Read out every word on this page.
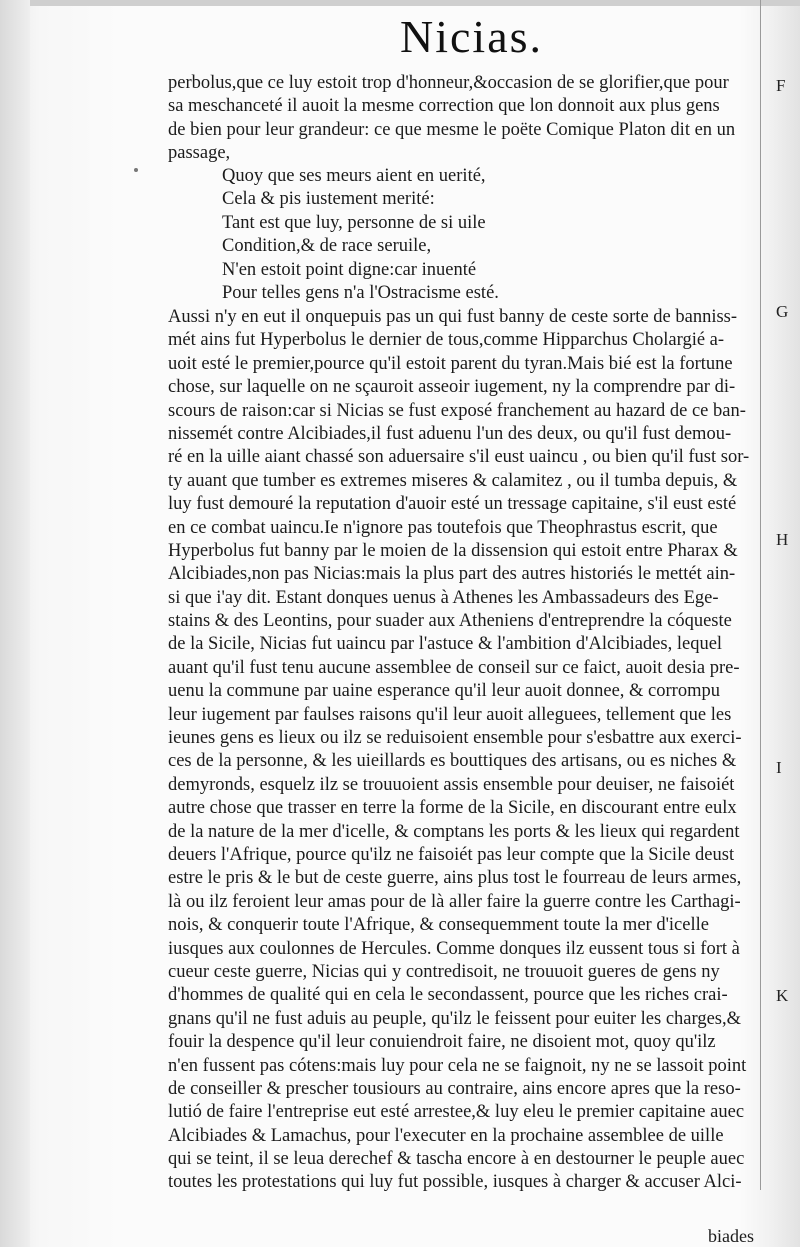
Nicias.
perbolus,que ce luy estoit trop d'honneur,&occasion de se glorifier,que pour
sa meschanceté il auoit la mesme correction que lon donnoit aux plus gens
de bien pour leur grandeur: ce que mesme le poëte Comique Platon dit en un
passage,
Quoy que ses meurs aient en uerité,
Cela & pis iustement merité:
Tant est que luy, personne de si uile
Condition,& de race seruile,
N'en estoit point digne:car inuenté
Pour telles gens n'a l'Ostracisme esté.
Aussi n'y en eut il onquepuis pas un qui fust banny de ceste sorte de banniss-
mét ains fut Hyperbolus le dernier de tous,comme Hipparchus Cholargié a-
uoit esté le premier,pource qu'il estoit parent du tyran.Mais bié est la fortune
chose, sur laquelle on ne sçauroit asseoir iugement, ny la comprendre par di-
scours de raison:car si Nicias se fust exposé franchement au hazard de ce ban-
nissemét contre Alcibiades,il fust aduenu l'un des deux, ou qu'il fust demou-
ré en la uille aiant chassé son aduersaire s'il eust uaincu , ou bien qu'il fust sor-
ty auant que tumber es extremes miseres & calamitez , ou il tumba depuis, &
luy fust demouré la reputation d'auoir esté un tressage capitaine, s'il eust esté
en ce combat uaincu.Ie n'ignore pas toutefois que Theophrastus escrit, que
Hyperbolus fut banny par le moien de la dissension qui estoit entre Pharax &
Alcibiades,non pas Nicias:mais la plus part des autres historiés le mettét ain-
si que i'ay dit. Estant donques uenus à Athenes les Ambassadeurs des Ege-
stains & des Leontins, pour suader aux Atheniens d'entreprendre la cóqueste
de la Sicile, Nicias fut uaincu par l'astuce & l'ambition d'Alcibiades, lequel
auant qu'il fust tenu aucune assemblee de conseil sur ce faict, auoit desia pre-
uenu la commune par uaine esperance qu'il leur auoit donnee, & corrompu
leur iugement par faulses raisons qu'il leur auoit alleguees, tellement que les
ieunes gens es lieux ou ilz se reduisoient ensemble pour s'esbattre aux exerci-
ces de la personne, & les uieillards es bouttiques des artisans, ou es niches &
demyronds, esquelz ilz se trouuoient assis ensemble pour deuiser, ne faisoiét
autre chose que trasser en terre la forme de la Sicile, en discourant entre eulx
de la nature de la mer d'icelle, & comptans les ports & les lieux qui regardent
deuers l'Afrique, pource qu'ilz ne faisoiét pas leur compte que la Sicile deust
estre le pris & le but de ceste guerre, ains plus tost le fourreau de leurs armes,
là ou ilz feroient leur amas pour de là aller faire la guerre contre les Carthagi-
nois, & conquerir toute l'Afrique, & consequemment toute la mer d'icelle
iusques aux coulonnes de Hercules. Comme donques ilz eussent tous si fort à
cueur ceste guerre, Nicias qui y contredisoit, ne trouuoit gueres de gens ny
d'hommes de qualité qui en cela le secondassent, pource que les riches crai-
gnans qu'il ne fust aduis au peuple, qu'ilz le feissent pour euiter les charges,&
fouir la despence qu'il leur conuiendroit faire, ne disoient mot, quoy qu'ilz
n'en fussent pas cótens:mais luy pour cela ne se faignoit, ny ne se lassoit point
de conseiller & prescher tousiours au contraire, ains encore apres que la reso-
lutió de faire l'entreprise eut esté arrestee,& luy eleu le premier capitaine auec
Alcibiades & Lamachus, pour l'executer en la prochaine assemblee de uille
qui se teint, il se leua derechef & tascha encore à en destourner le peuple auec
toutes les protestations qui luy fut possible, iusques à charger & accuser Alci-
F
G
H
I
K
biades
